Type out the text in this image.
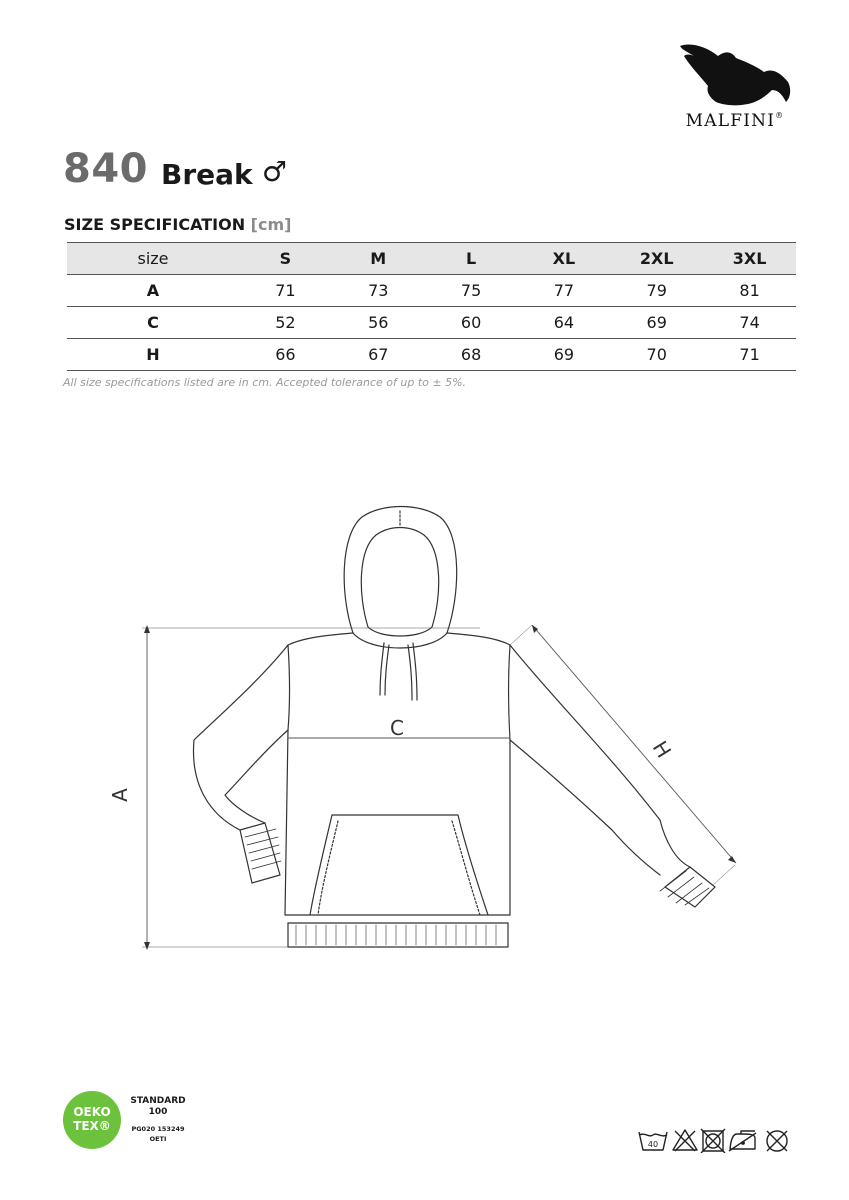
MALFINI®
840 Break ♂
SIZE SPECIFICATION [cm]
size	S	M	L	XL	2XL	3XL
A	71	73	75	77	79	81
C	52	56	60	64	69	74
H	66	67	68	69	70	71
All size specifications listed are in cm. Accepted tolerance of up to ± 5%.
A
C
H
OEKO
TEX®
STANDARD
100
PG020 153249
OETI
40
